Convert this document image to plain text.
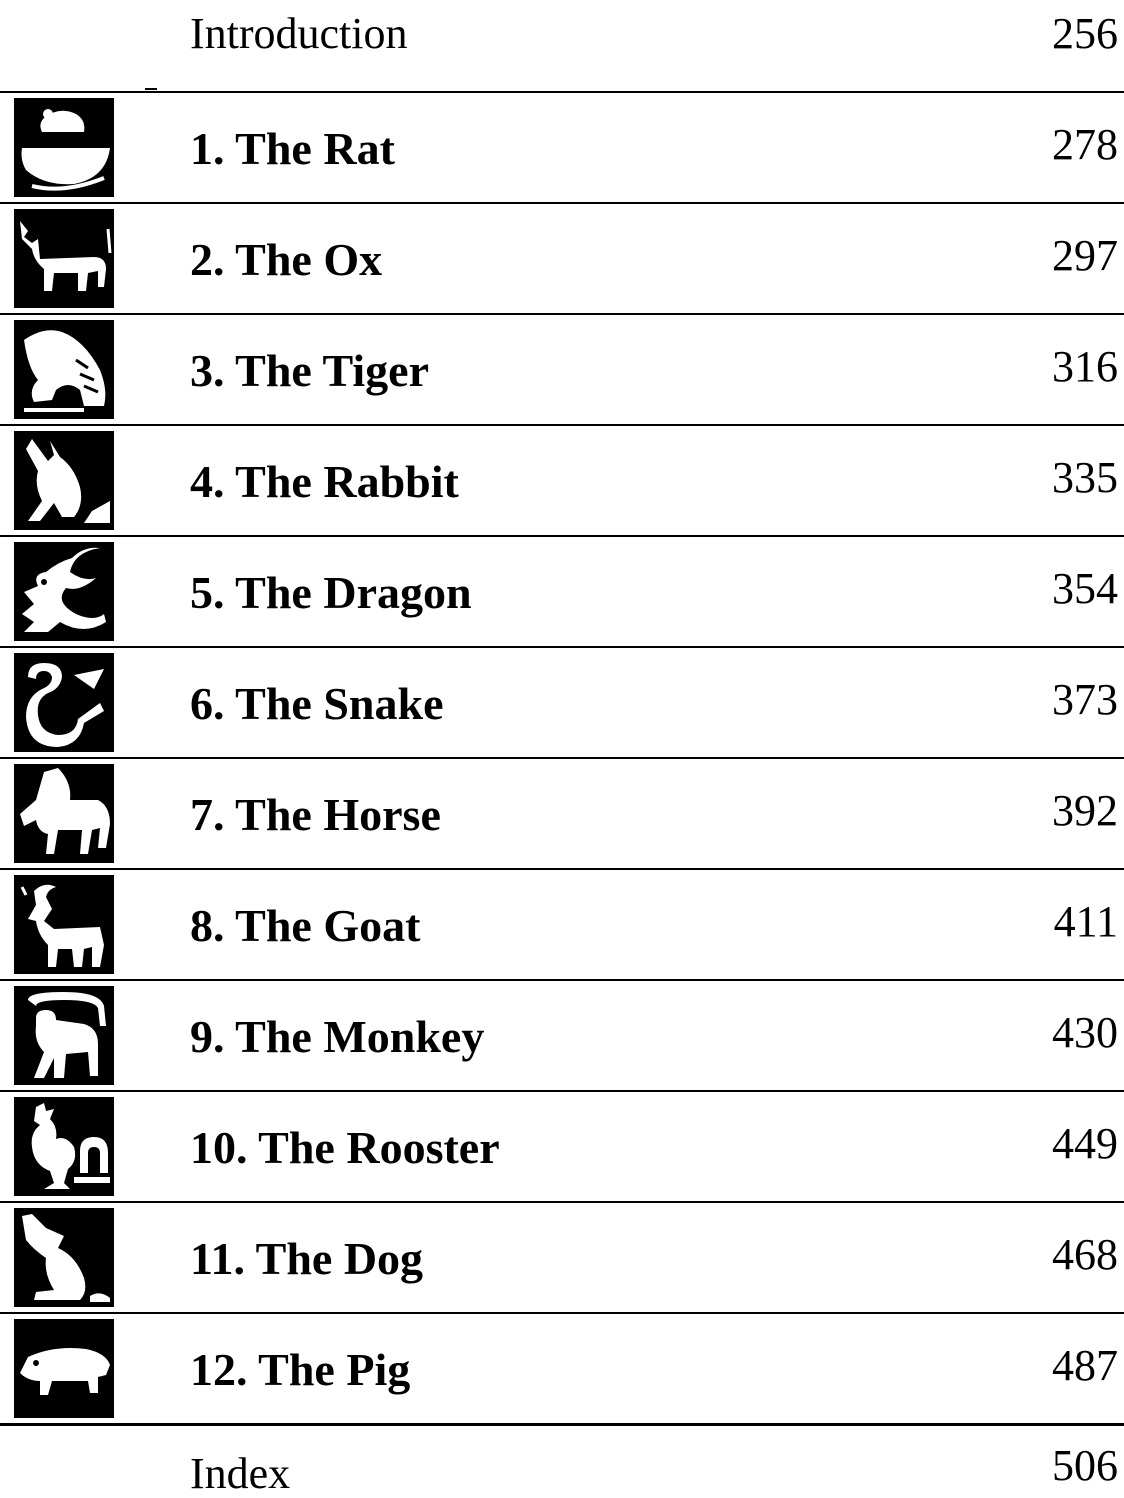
Introduction	256
1. The Rat	278
2. The Ox	297
3. The Tiger	316
4. The Rabbit	335
5. The Dragon	354
6. The Snake	373
7. The Horse	392
8. The Goat	411
9. The Monkey	430
10. The Rooster	449
11. The Dog	468
12. The Pig	487
Index	506
